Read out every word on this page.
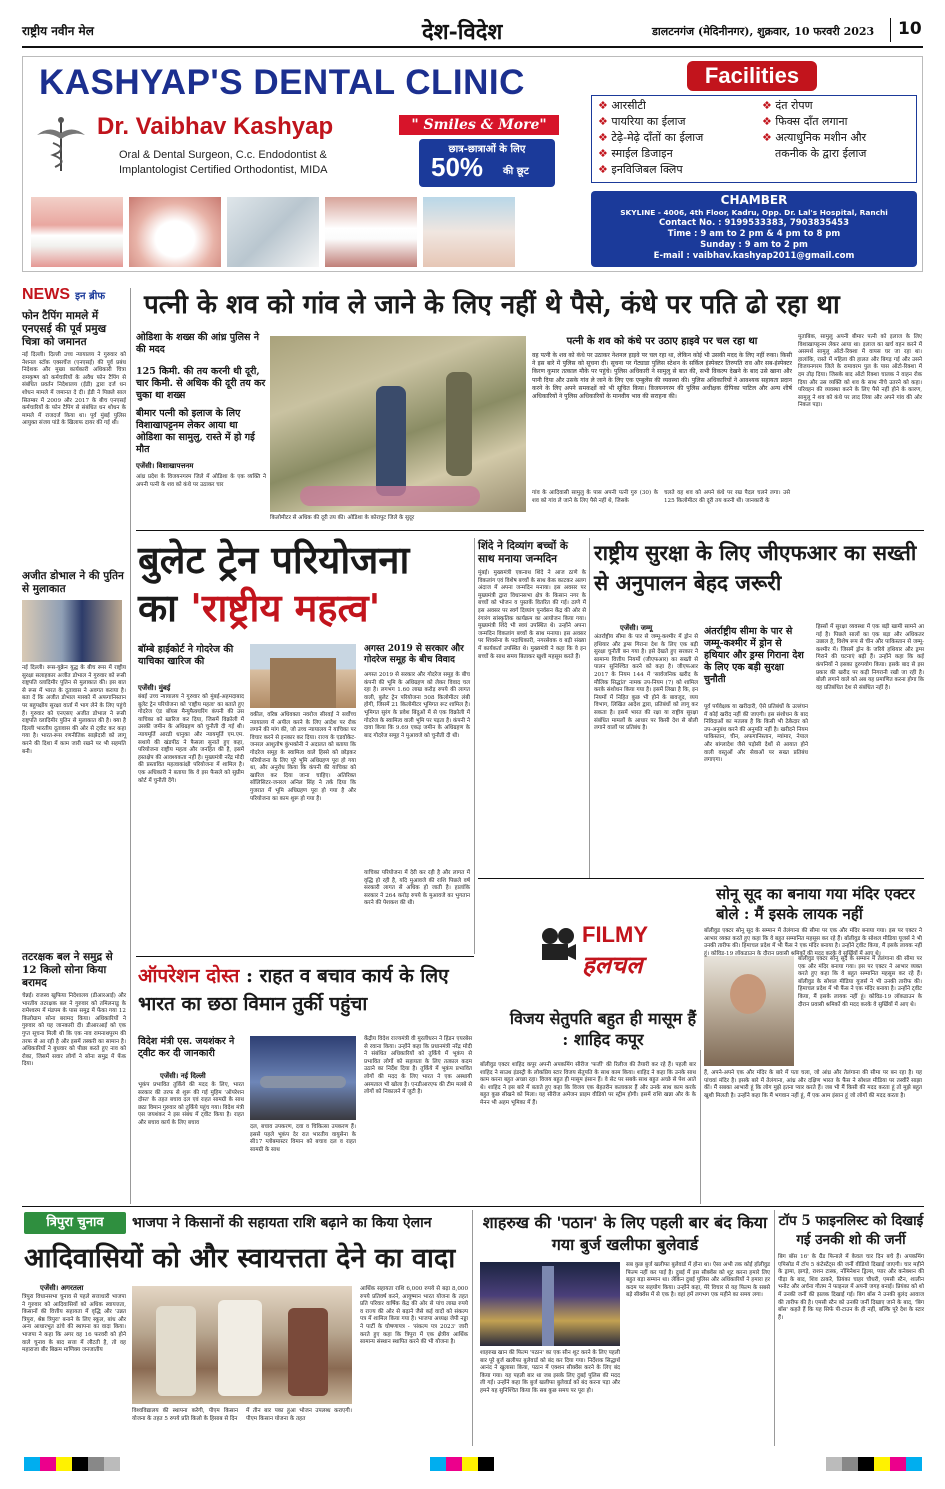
राष्ट्रीय नवीन मेल	देश-विदेश	डालटनगंज (मेदिनीनगर), शुक्रवार, 10 फरवरी 2023 10
KASHYAP'S DENTAL CLINIC
Dr. Vaibhav Kashyap	" Smiles & More"
Oral & Dental Surgeon, C.c. Endodontist &
Implantologist Certified Orthodontist, MIDA
छात्र-छात्राओं के लिए
50% की छूट
Facilities
❖ आरसीटी
❖ पायरिया का ईलाज
❖ टेढ़े-मेढ़े दाँतों का ईलाज
❖ स्माईल डिजाइन
❖ इनविजिबल क्लिप
❖ दंत रोपण
❖ फिक्स दाँत लगाना
❖ अत्याधुनिक मशीन और
तकनीक के द्वारा ईलाज
CHAMBER
SKYLINE - 4006, 4th Floor, Kadru, Opp. Dr. Lal's Hospital, Ranchi
Contact No. : 9199533383, 7903835453
Time : 9 am to 2 pm & 4 pm to 8 pm
Sunday : 9 am to 2 pm
E-mail : vaibhav.kashyap2011@gmail.com
NEWS इन ब्रीफ
फोन टैपिंग मामले में एनएसई की पूर्व प्रमुख चित्रा को जमानत
नई दिल्ली। दिल्ली उच्च न्यायालय ने गुरुवार को नेशनल स्टॉक एक्सचेंज (एनएसई) की पूर्व प्रबंध निदेशक और मुख्य कार्यकारी अधिकारी चित्रा रामकृष्ण को कर्मचारियों के अवैध फोन टैपिंग से संबंधित प्रवर्तन निदेशालय (ईडी) द्वारा दर्ज धन शोधन मामले में जमानत दे दी। ईडी ने पिछले साल सितम्बर में 2009 और 2017 के बीच एनएसई कर्मचारियों के फोन टैपिंग से संबंधित धन शोधन के मामले में राजदर्ज किया था। पूर्व मुंबई पुलिस आयुक्त संजय पांडे के खिलाफ दायर की गई थी।
अजीत डोभाल ने की पुतिन से मुलाकात
नई दिल्ली। रूस-यूक्रेन युद्ध के बीच रूस में राष्ट्रीय सुरक्षा सलाहकार अजीत डोभाल ने गुरुवार को रूसी राष्ट्रपति व्लादिमीर पुतिन से मुलाकात की। इस बात से रूस में भारत के दूतावास ने अवगत कराया है। बता दें कि अजीत डोभाल मास्को में अफगानिस्तान पर बहुपक्षीय सुरक्षा वार्ता में भाग लेने के लिए पहुंचे हैं। गुरुवार को एनएसए अजीत डोभाल ने रूसी राष्ट्रपति व्लादिमीर पुतिन से मुलाकात की है। क्या है दिल्ली भारतीय दूतावास की ओर से ट्वीट कर कहा गया है। भारत-रूस रणनीतिक साझेदारी को लागू करने की दिशा में काम जारी रखने पर भी सहमति बनी।
तटरक्षक बल ने समुद्र से 12 किलो सोना किया बरामद
चेन्नई। राजस्व खुफिया निदेशालय (डीआरआई) और भारतीय तटरक्षक बल ने गुरुवार को तमिलनाडु के रामेश्वरम में मंडपम के पास समुद्र में फेंका गया 12 किलोग्राम सोना बरामद किया। अधिकारियों ने गुरुवार को यह जानकारी दी। डीआरआई को एक गुप्त सूचना मिली थी कि एक नाव रामनाथपुरम की तरफ से आ रही है और इसमें तस्करी का सामान है। अधिकारियों ने बुधवार को पीछा करते हुए नाव को रोका, जिसमें सवार लोगों ने सोना समुद्र में फेंक दिया।
पत्नी के शव को गांव ले जाने के लिए नहीं थे पैसे, कंधे पर पति ढो रहा था
ओडिशा के शख्स की आंध्र पुलिस ने की मदद
125 किमी. की तय करनी थी दूरी, चार किमी. से अधिक की दूरी तय कर चुका था शख्स
बीमार पत्नी को इलाज के लिए विशाखापट्टनम लेकर आया था ओडिशा का सामुलु, रास्ते में हो गई मौत
एजेंसी। विशाखापत्तनम
आंध्र प्रदेश के विजयनगरम जिले में ओडिशा के एक व्यक्ति ने अपनी पत्नी के शव को कंधे पर उठाकर चार
किलोमीटर से अधिक की दूरी तय की। ओडिशा के कोरापुट जिले के सुदूर
पत्नी के शव को कंधे पर उठाए हाइवे पर चल रहा था
वह पत्नी के शव को कंधे पर उठाकर नेशनल हाइवे पर चल रहा था, लेकिन कोई भी उसकी मदद के लिए नहीं रुका। किसी ने इस बारे में पुलिस को सूचना दी। सूचना पर गेंट्याडा पुलिस स्टेशन के सर्किल इंस्पेक्टर तिरुपति राव और सब-इंस्पेक्टर किरण कुमार तत्काल मौके पर पहुंचे। पुलिस अधिकारी ने सामुलु से बात की, सभी विकल्प देखने के बाद उसे खाना और पानी दिया और उसके गांव ले जाने के लिए एक एम्बुलेंस की व्यवस्था की। पुलिस अधिकारियों ने आवश्यक सहायता प्रदान करने के लिए अपने समकक्षों को भी सूचित किया। विजयनगरम की पुलिस अधीक्षक दीपिका पाटिल और अन्य शीर्ष अधिकारियों ने पुलिस अधिकारियों के मानवीय भाव की सराहना की।
गांव के आदिवासी सामुलु के पास अपनी पत्नी गुरु (30) के शव को गांव ले जाने के लिए पैसे नहीं थे, जिसके
चलते वह शव को अपने कंधे पर रख पैदल चलने लगा। उसे 125 किलोमीटर की दूरी तय करनी थी। जानकारी के
मुताबिक, सामुलु अपनी बीमार पत्नी को इलाज के लिए विशाखापट्टनम लेकर आया था। इलाज का खर्च वहन करने में असमर्थ सामुलु ऑटो-रिक्शा में वापस घर जा रहा था। हालांकि, रास्ते में महिला की हालत और बिगड़ गई और उसने विजयनगरम जिले के रामावरम पुल के पास ऑटो-रिक्शा में दम तोड़ दिया। जिसके बाद ऑटो रिक्शा चालक ने वाहन रोक दिया और उस व्यक्ति को शव के साथ नीचे उतरने को कहा। परिवहन की व्यवस्था करने के लिए पैसे नहीं होने के कारण, सामुलु ने शव को कंधे पर लाद लिया और अपने गांव की ओर निकल पड़ा।
बुलेट ट्रेन परियोजना
का 'राष्ट्रीय महत्व'
बॉम्बे हाईकोर्ट ने गोदरेज की याचिका खारिज की
अगस्त 2019 से सरकार और गोदरेज समूह के बीच विवाद
एजेंसी। मुंबई
बंबई उच्च न्यायालय ने गुरुवार को मुंबई-अहमदाबाद बुलेट ट्रेन परियोजना को 'राष्ट्रीय महत्व' का बताते हुए गोदरेज एंड बॉयस मैन्युफैक्चरिंग कंपनी की उस याचिका को खारिज कर दिया, जिसमें विक्रोली में उसकी जमीन के अधिग्रहण को चुनौती दी गई थी। न्यायमूर्ति आरडी धानुका और न्यायमूर्ति एम.एम. सथाये की खंडपीठ ने फैसला सुनाते हुए कहा, परियोजना राष्ट्रीय महत्व और जनहित की है, इसमें हस्तक्षेप की आवश्यकता नहीं है। मुख्यमंत्री नरेंद्र मोदी की प्रस्तावित महत्वाकांक्षी परियोजना में शामिल है। एक अधिकारी ने बताया कि वे इस फैसले को सुप्रीम कोर्ट में चुनौती देंगे।
वकील, वरिष्ठ अधिवक्ता नवरोज सीरवई ने सर्वोच्च न्यायालय में अपील करने के लिए आदेश पर रोक लगाने की मांग की, जो उच्च न्यायालय ने याचिका पर विचार करने से इनकार कर दिया। राज्य के एडवोकेट-जनरल आशुतोष कुंभकोनी ने अदालत को बताया कि गोदरेज समूह के स्वामित्व वाले हिस्से को छोड़कर परियोजना के लिए पूरे भूमि अधिग्रहण पूरा हो गया था, और अनुरोध किया कि कंपनी की याचिका को खारिज कर दिया जाना चाहिए। अतिरिक्त सॉलिसिटर-जनरल अनिल सिंह ने तर्क दिया कि गुजरात में भूमि अधिग्रहण पूरा हो गया है और परियोजना का काम शुरू हो गया है।
अगस्त 2019 से सरकार और गोदरेज समूह के बीच कंपनी की भूमि के अधिग्रहण को लेकर विवाद चल रहा है। लगभग 1.60 लाख करोड़ रुपये की लागत वाली, बुलेट ट्रेन परियोजना 508 किलोमीटर लंबी होगी, जिसमें 21 किलोमीटर भूमिगत रूट शामिल है। भूमिगत सुरंग के प्रवेश बिंदुओं में से एक विक्रोली में गोदरेज के स्वामित्व वाली भूमि पर पड़ता है। कंपनी ने दावा किया कि 9.69 एकड़ जमीन के अधिग्रहण के बाद गोदरेज समूह ने मुआवजे को चुनौती दी थी।
याचिका परियोजना में देरी कर रही है और लागत में वृद्धि हो रही है, यदि मुआवजे की राशि पिछले वर्ष सरकारी लागत से अधिक हो जाती है। हालांकि सरकार ने 264 करोड़ रुपये के मुआवजे का भुगतान करने की पेशकश की थी।
शिंदे ने दिव्यांग बच्चों के साथ मनाया जन्मदिन
मुंबई। मुख्यमंत्री एकनाथ शिंदे ने आज ठाणे के विकलांग एवं विशेष बच्चों के साथ केक काटकर अलग अंदाज में अपना जन्मदिन मनाया। इस अवसर पर मुख्यमंत्री द्वारा विधानसभा क्षेत्र के किसान नगर के बच्चों को भोजन व पुस्तकें वितरित की गई। ठाणे में इस अवसर पर स्वर्ग दिव्यांग पुनर्वसन केंद्र की ओर से रंगारंग सांस्कृतिक कार्यक्रम का आयोजन किया गया। मुख्यमंत्री शिंदे भी स्वयं उपस्थित थे। उन्होंने अपना जन्मदिन विकलांग बच्चों के साथ मनाया। इस अवसर पर शिवसेना के पदाधिकारी, नगरसेवक व बड़ी संख्या में कार्यकर्ता उपस्थित थे। मुख्यमंत्री ने कहा कि वे इन बच्चों के साथ समय बिताकर खुशी महसूस करते हैं।
राष्ट्रीय सुरक्षा के लिए जीएफआर का सख्ती से अनुपालन बेहद जरूरी
एजेंसी। जम्मू
अंतर्राष्ट्रीय सीमा के पार से जम्मू-कश्मीर में ड्रोन से हथियार और ड्रग्स गिराना देश के लिए एक बड़ी सुरक्षा चुनौती बन गया है। इसे देखते हुए सरकार ने सामान्य वित्तीय नियमों (जीएफआर) का सख्ती से पालन सुनिश्चित करने को कहा है। जीएफआर 2017 के नियम 144 में 'सार्वजनिक खरीद के मौलिक सिद्धांत' नामक उप-नियम (7) को शामिल करके संशोधन किया गया है। इसमें लिखा है कि, इन नियमों में निहित कुछ भी होने के बावजूद, व्यय विभाग, लिखित आदेश द्वारा, प्रतिबंधों को लागू कर सकता है। इसमें भारत की रक्षा या राष्ट्रीय सुरक्षा संबंधित मामलों के आधार पर किसी देश से बोली लगाने वालों पर प्रतिबंध है।
अंतर्राष्ट्रीय सीमा के पार से जम्मू-कश्मीर में ड्रोन से हथियार और ड्रग्स गिराना देश के लिए एक बड़ी सुरक्षा चुनौती
पूर्व पर्यवेक्षक या खरीदारी, ऐसे प्रतिबंधों के उल्लंघन में कोई खरीद नहीं की जाएगी। इस संशोधन के बाद निविदाओं का मतलब है कि किसी भी ठेकेदार को उप-अनुबंध करने की अनुमति नहीं है। खरीदने नियम पाकिस्तान, चीन, अफगानिस्तान, म्यांमार, नेपाल और बांग्लादेश जैसे पड़ोसी देशों से आयात होने वाली वस्तुओं और सेवाओं पर सख्त प्रतिबंध लगाएगा।
हिस्सों में सुरक्षा व्यवस्था में एक बड़ी खामी सामने आ गई है। पिछले सालों का एक बड़ा और अधिकतर उछाल है, विशेष रूप से चीन और पाकिस्तान से जम्मू-कश्मीर में। जिसमें ड्रोन के जरिये हथियार और ड्रग्स गिराने की घटनाएं बढ़ी हैं। उन्होंने कहा कि कई कंपनियों ने इसका दुरुपयोग किया। इसके बाद से इस प्रकार की खरीद पर कड़ी निगरानी रखी जा रही है। बोली लगाने वाले को अब यह प्रमाणित करना होगा कि वह प्रतिबंधित देश से संबंधित नहीं है।
FILMY
हलचल
विजय सेतुपति बहुत ही मासूम हैं : शाहिद कपूर
सोनू सूद का बनाया गया मंदिर एक्टर बोले : मैं इसके लायक नहीं
बॉलीवुड एक्टर सोनू सूद के सम्मान में तेलंगाना की सीमा पर एक और मंदिर बनाया गया। इस पर एक्टर ने आभार व्यक्त करते हुए कहा कि वे बहुत सम्मानित महसूस कर रहे हैं। बॉलीवुड के सोशल मीडिया यूजर्स ने भी उनकी तारीफ की। हिमाचल प्रदेश में भी फैंस ने एक मंदिर बनाया है। उन्होंने ट्वीट किया, मैं इसके लायक नहीं हूं। कोविड-19 लॉकडाउन के दौरान प्रवासी श्रमिकों की मदद करके वे सुर्खियों में आए थे।
बॉलीवुड एक्टर सोनू सूद के सम्मान में तेलंगाना की सीमा पर एक और मंदिर बनाया गया। इस पर एक्टर ने आभार व्यक्त करते हुए कहा कि वे बहुत सम्मानित महसूस कर रहे हैं। बॉलीवुड के सोशल मीडिया यूजर्स ने भी उनकी तारीफ की। हिमाचल प्रदेश में भी फैंस ने एक मंदिर बनाया है। उन्होंने ट्वीट किया, मैं इसके लायक नहीं हूं। कोविड-19 लॉकडाउन के दौरान प्रवासी श्रमिकों की मदद करके वे सुर्खियों में आए थे।
हैं, अपने-अपने एक और मंदिर के बारे में पता चला, जो आंध्र और तेलंगाना की सीमा पर बन रहा है। यह पांचवां मंदिर है। इसके बारे में तेलंगाना, आंध्र और दक्षिण भारत के फैंस ने सोशल मीडिया पर तस्वीरें साझा कीं। मैं सबका आभारी हूं कि लोग मुझे इतना प्यार करते हैं। जब भी मैं किसी की मदद करता हूं तो मुझे बहुत खुशी मिलती है। उन्होंने कहा कि मैं भगवान नहीं हूं, मैं एक आम इंसान हूं जो लोगों की मदद करता है।
बॉलीवुड एक्टर शाहिद कपूर अपनी अपकमिंग सीरीज 'फर्जी' की रिलीज की तैयारी कर रहे हैं। पहली बार शाहिद ने साउथ इंडस्ट्री के लोकप्रिय स्टार विजय सेतुपति के साथ काम किया। शाहिद ने कहा कि उनके साथ काम करना बहुत अच्छा रहा। विजय बहुत ही मासूम इंसान हैं। वे सेट पर सबके साथ बहुत अच्छे से पेश आते थे। शाहिद ने इस बारे में बताते हुए कहा कि विजय एक बेहतरीन कलाकार हैं और उनके साथ काम करके बहुत कुछ सीखने को मिला। यह सीरीज अमेजन प्राइम वीडियो पर स्ट्रीम होगी। इसमें राशि खन्ना और के के मेनन भी अहम भूमिका में हैं।
ऑपरेशन दोस्त : राहत व बचाव कार्य के लिए भारत का छठा विमान तुर्की पहुंचा
विदेश मंत्री एस. जयशंकर ने ट्वीट कर दी जानकारी
एजेंसी। नई दिल्ली
भूकंप प्रभावित तुर्किये की मदद के लिए, भारत सरकार की तरफ से शुरू की गई मुहिम 'ऑपरेशन दोस्त' के तहत बचाव दल एवं राहत सामग्री के साथ छठा विमान गुरुवार को तुर्किये पहुंच गया। विदेश मंत्री एस जयशंकर ने इस संबंध में ट्वीट किया है। राहत और बचाव कार्य के लिए बचाव
दल, बचाव उपकरण, दवा व चिकित्सा उपकरण हैं। इससे पहले भूकंप देर रात भारतीय वायुसेना के सी17 ग्लोबमास्टर विमान को बचाव दल व राहत सामग्री के साथ
केंद्रीय विदेश राज्यमंत्री वी मुरलीधरन ने हिंडन एयरबेस से रवाना किया। उन्होंने कहा कि प्रधानमंत्री नरेंद्र मोदी ने संबंधित अधिकारियों को तुर्किये में भूकंप से प्रभावित लोगों को सहायता के लिए तत्काल कदम उठाने का निर्देश दिया है। तुर्किये में भूकंप प्रभावित लोगों की मदद के लिए भारत ने एक अस्थायी अस्पताल भी खोला है। एनडीआरएफ की टीम मलबे से लोगों को निकालने में जुटी है।
त्रिपुरा चुनाव	भाजपा ने किसानों की सहायता राशि बढ़ाने का किया ऐलान
आदिवासियों को और स्वायत्तता देने का वादा
एजेंसी। अगरतला
त्रिपुरा विधानसभा चुनाव से पहले सत्ताधारी भाजपा ने गुरुवार को आदिवासियों को अधिक स्वायत्तता, किसानों की वित्तीय सहायता में वृद्धि और 'उन्नत त्रिपुरा, श्रेष्ठ त्रिपुरा' बनाने के लिए स्कूल, बांध और अन्य आधारभूत ढांचे की स्थापना का वादा किया। भाजपा ने कहा कि अगर वह 16 फरवरी को होने वाले चुनाव के बाद सत्ता में लौटती है, तो वह महाराजा बीर बिक्रम माणिक्य जनजातीय
विश्वविद्यालय की स्थापना करेगी, पीएम किसान योजना के तहत 5 रुपये प्रति किलो के हिसाब से दिन
में तीन बार पका हुआ भोजन उपलब्ध कराएगी। पीएम किसान योजना के तहत
आर्थिक सहायता राशि 6,000 रुपये से बढ़ा 8,000 रुपये प्रतिवर्ष करने, आयुष्मान भारत योजना के तहत प्रति परिवार वार्षिक केंद्र की ओर से पांच लाख रुपये व राज्य की ओर से बढ़ाने जैसे कई वादों को संकल्प पत्र में शामिल किया गया है। भाजपा अध्यक्ष जेपी नड्डा ने पार्टी के घोषणापत्र - 'संकल्प पत्र 2023' जारी करते हुए कहा कि त्रिपुरा में एक क्षेत्रीय आर्थिक सामान्य संस्थान स्थापित करने की भी योजना है।
शाहरुख की 'पठान' के लिए पहली बार बंद किया गया बुर्ज खलीफा बुलेवार्ड
शाहरुख खान की फिल्म 'पठान' का एक सीन शूट करने के लिए पहली बार पूरे बुर्ज खलीफा बुलेवार्ड को बंद कर दिया गया। निर्देशक सिद्धार्थ आनंद ने खुलासा किया, पठान में एक्शन सीक्वेंस करने के लिए बंद किया गया। यह पहली बार था जब इसके लिए दुबई पुलिस की मदद ली गई। उन्होंने कहा कि बुर्ज खलीफा बुलेवार्ड को बंद करना पड़ा और हमने यह सुनिश्चित किया कि सब कुछ समय पर पूरा हो।
सब कुछ बुर्ज खलीफा बुलेवार्ड में होना था। ऐसा अभी तक कोई हॉलीवुड फिल्म नहीं कर पाई है। दुबई में इस सीक्वेंस को शूट करना हमारे लिए बहुत बड़ा सम्मान था। लेकिन दुबई पुलिस और अधिकारियों ने हमारा हर कदम पर सहयोग किया। उन्होंने कहा, मेरे विचार से यह फिल्म के सबसे बड़े सीक्वेंस में से एक है। वहां हमें लगभग एक महीने का समय लगा।
टॉप 5 फाइनलिस्ट को दिखाई गई उनकी शो की जर्नी
बिग बॉस 16' के ग्रैंड फिनाले में केवल चार दिन बचे हैं। अपकमिंग एपिसोड में टॉप 5 कंटेस्टेंट्स की जर्नी वीडियो दिखाई जाएगी। चार महीने के ड्रामा, झगड़े, राशन टास्क, नॉमिनेशन ड्रिल्स, प्यार और कनेक्शन की पीड़ा के बाद, शिव ठाकरे, प्रियंका चाहर चौधरी, एमसी स्टैन, शालीन भनोट और अर्चना गौतम ने फाइनल में अपनी जगह बनाई। प्रियंका को शो में उनकी जर्नी की झलक दिखाई गई। बिग बॉस ने उनकी बुलंद आवाज की तारीफ की है। एमसी स्टैन को उनकी जर्नी दिखाए जाने के बाद, 'बिग बॉस' कहते हैं कि यह सिर्फ पी-टाउन के ही नहीं, बल्कि पूरे देश के स्टार हैं।
